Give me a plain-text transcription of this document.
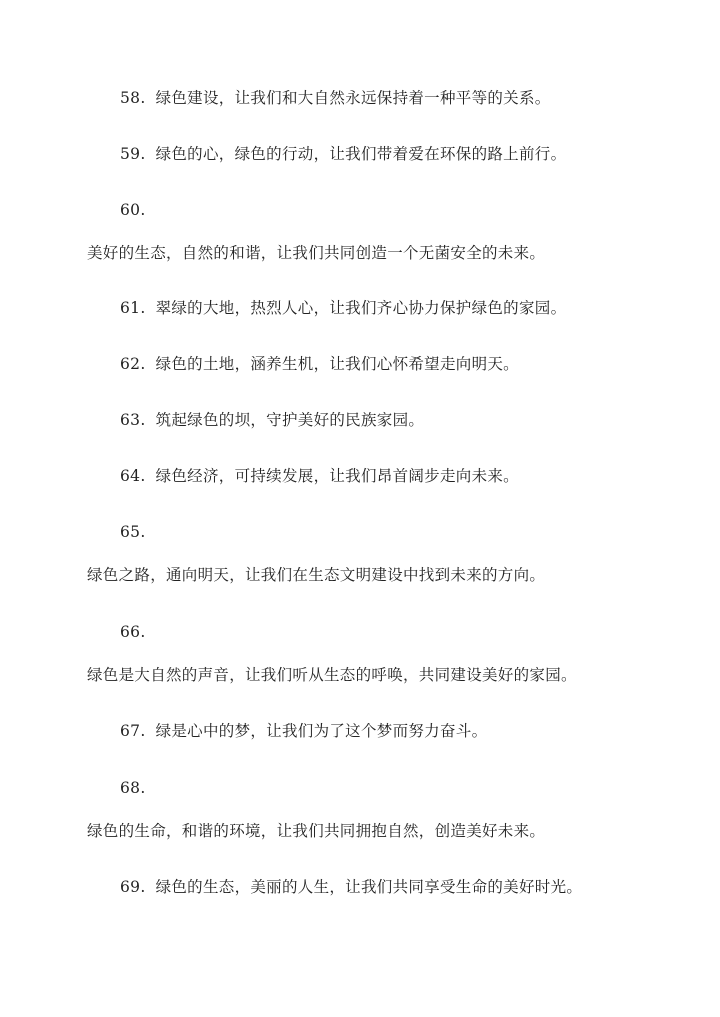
58. 绿色建设，让我们和大自然永远保持着一种平等的关系。
59. 绿色的心，绿色的行动，让我们带着爱在环保的路上前行。
60.
美好的生态，自然的和谐，让我们共同创造一个无菌安全的未来。
61. 翠绿的大地，热烈人心，让我们齐心协力保护绿色的家园。
62. 绿色的土地，涵养生机，让我们心怀希望走向明天。
63. 筑起绿色的坝，守护美好的民族家园。
64. 绿色经济，可持续发展，让我们昂首阔步走向未来。
65.
绿色之路，通向明天，让我们在生态文明建设中找到未来的方向。
66.
绿色是大自然的声音，让我们听从生态的呼唤，共同建设美好的家园。
67. 绿是心中的梦，让我们为了这个梦而努力奋斗。
68.
绿色的生命，和谐的环境，让我们共同拥抱自然，创造美好未来。
69. 绿色的生态，美丽的人生，让我们共同享受生命的美好时光。
